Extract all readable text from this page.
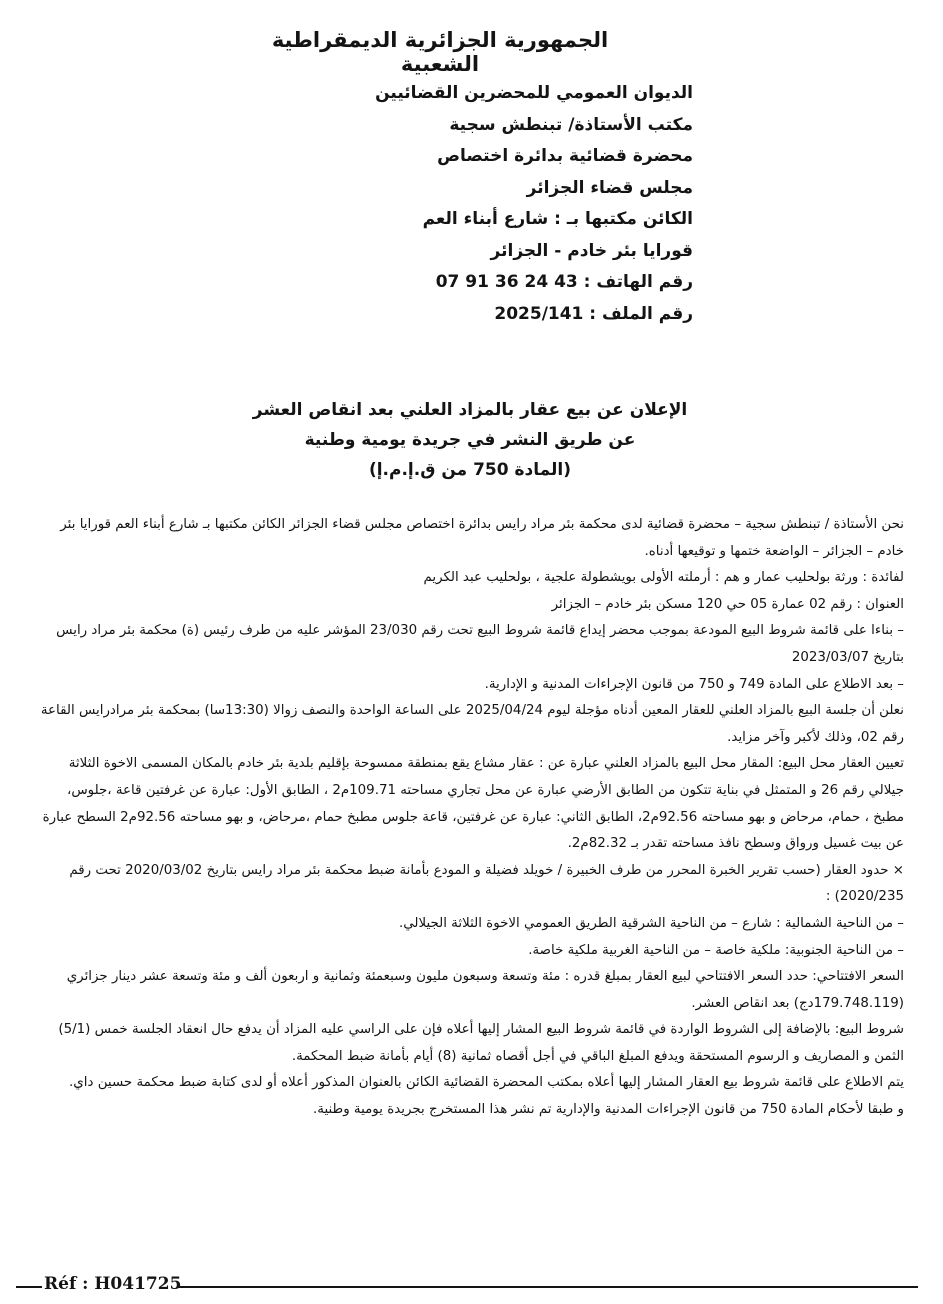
الجمهورية الجزائرية الديمقراطية الشعبية
الديوان العمومي للمحضرين القضائيين
مكتب الأستاذة/ تبنطش سجية
محضرة قضائية بدائرة اختصاص
مجلس قضاء الجزائر
الكائن مكتبها بـ : شارع أبناء العم
قورايا بئر خادم - الجزائر
رقم الهاتف : 43 24 36 91 07
رقم الملف : 2025/141
الإعلان عن بيع عقار بالمزاد العلني بعد انقاص العشر
عن طريق النشر في جريدة يومية وطنية
(المادة 750 من ق.إ.م.إ)

نحن الأستاذة / تبنطش سجية – محضرة قضائية لدى محكمة بئر مراد رايس بدائرة اختصاص مجلس قضاء الجزائر الكائن مكتبها بـ شارع أبناء العم قورايا بئر خادم – الجزائر – الواضعة ختمها و توقيعها أدناه.

لفائدة : ورثة بولحليب عمار و هم : أرملته الأولى بويشطولة علجية ، بولحليب عبد الكريم

العنوان : رقم 02 عمارة 05 حي 120 مسكن بئر خادم – الجزائر

– بناءا على قائمة شروط البيع المودعة بموجب محضر إيداع قائمة شروط البيع تحت رقم 23/030 المؤشر عليه من طرف رئيس (ة) محكمة بئر مراد رايس بتاريخ 2023/03/07

– بعد الاطلاع على المادة 749 و 750 من قانون الإجراءات المدنية و الإدارية.

نعلن أن جلسة البيع بالمزاد العلني للعقار المعين أدناه مؤجلة ليوم 2025/04/24 على الساعة الواحدة والنصف زوالا (13:30سا) بمحكمة بئر مرادرايس القاعة رقم 02، وذلك لأكبر وآخر مزايد.

تعيين العقار محل البيع: المقار محل البيع بالمزاد العلني عبارة عن : عقار مشاع يقع بمنطقة ممسوحة بإقليم بلدية بئر خادم بالمكان المسمى الاخوة الثلاثة جيلالي رقم 26 و المتمثل في بناية تتكون من الطابق الأرضي عبارة عن محل تجاري مساحته 109.71م2 ، الطابق الأول: عبارة عن غرفتين قاعة ،جلوس، مطبخ ، حمام، مرحاض و بهو مساحته 92.56م2، الطابق الثاني: عبارة عن غرفتين، قاعة جلوس مطبخ حمام ،مرحاض، و بهو مساحته 92.56م2 السطح عبارة عن بيت غسيل ورواق وسطح نافذ مساحته تقدر بـ 82.32م2.

× حدود العقار (حسب تقرير الخبرة المحرر من طرف الخبيرة / خويلد فضيلة و المودع بأمانة ضبط محكمة بئر مراد رايس بتاريخ 2020/03/02 تحت رقم 2020/235) :

– من الناحية الشمالية : شارع – من الناحية الشرقية الطريق العمومي الاخوة الثلاثة الجيلالي.

– من الناحية الجنوبية: ملكية خاصة – من الناحية الغربية ملكية خاصة.

السعر الافتتاحي: حدد السعر الافتتاحي لبيع العقار بمبلغ قدره : مئة وتسعة وسبعون مليون وسبعمئة وثمانية و اربعون ألف و مئة وتسعة عشر دينار جزائري (179.748.119دج) بعد انقاص العشر.

شروط البيع: بالإضافة إلى الشروط الواردة في قائمة شروط البيع المشار إليها أعلاه فإن على الراسي عليه المزاد أن يدفع حال انعقاد الجلسة خمس (5/1) الثمن و المصاريف و الرسوم المستحقة ويدفع المبلغ الباقي في أجل أقصاه ثمانية (8) أيام بأمانة ضبط المحكمة.

يتم الاطلاع على قائمة شروط بيع العقار المشار إليها أعلاه بمكتب المحضرة القضائية الكائن بالعنوان المذكور أعلاه أو لدى كتابة ضبط محكمة حسين داي.

و طبقا لأحكام المادة 750 من قانون الإجراءات المدنية والإدارية تم نشر هذا المستخرج بجريدة يومية وطنية.

Réf : H041725
